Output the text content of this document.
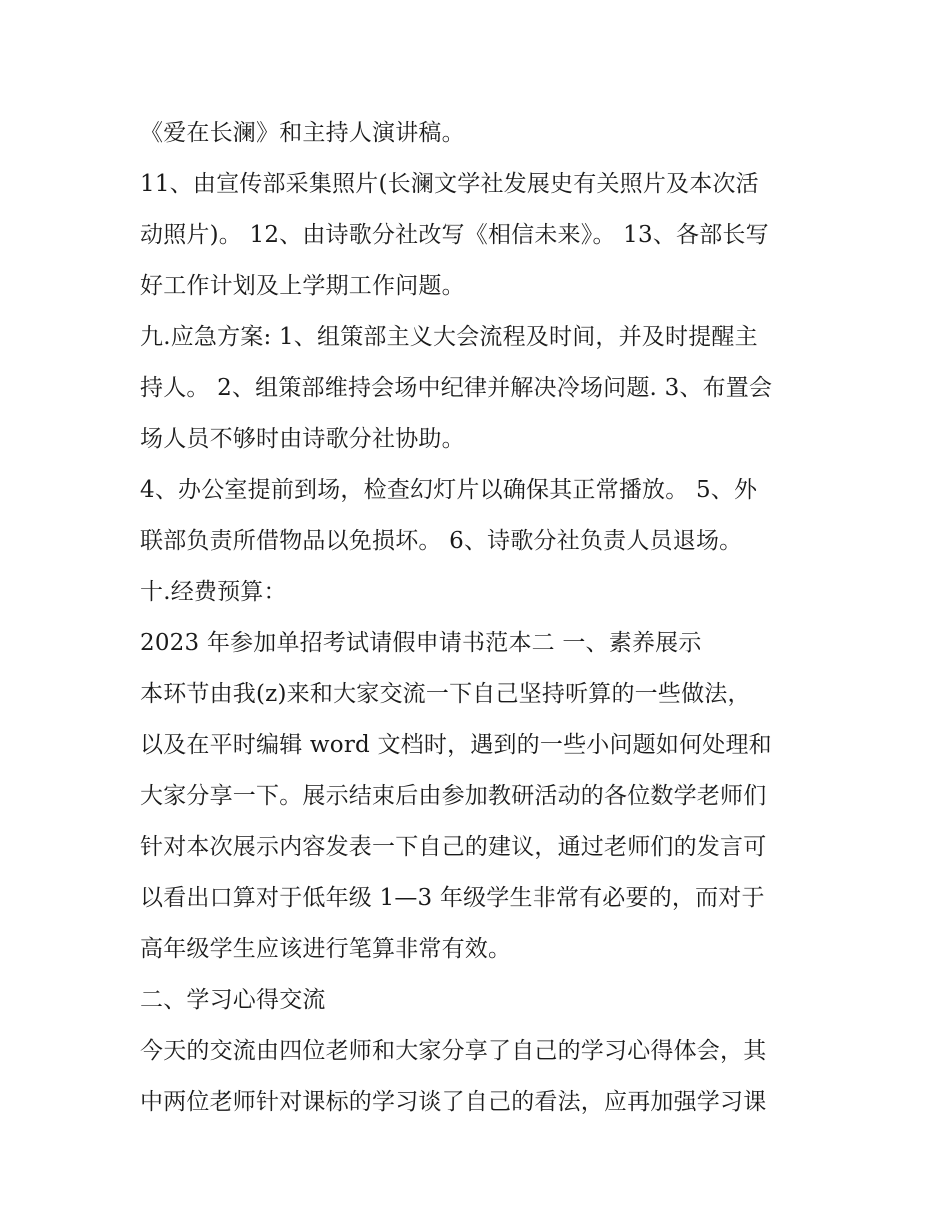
《爱在长澜》和主持人演讲稿。
11、由宣传部采集照片(长澜文学社发展史有关照片及本次活
动照片)。 12、由诗歌分社改写《相信未来》。 13、各部长写
好工作计划及上学期工作问题。
九.应急方案: 1、组策部主义大会流程及时间，并及时提醒主
持人。 2、组策部维持会场中纪律并解决冷场问题. 3、布置会
场人员不够时由诗歌分社协助。
4、办公室提前到场，检查幻灯片以确保其正常播放。 5、外
联部负责所借物品以免损坏。 6、诗歌分社负责人员退场。
十.经费预算：
2023 年参加单招考试请假申请书范本二 一、素养展示
本环节由我(z)来和大家交流一下自己坚持听算的一些做法，
以及在平时编辑 word 文档时，遇到的一些小问题如何处理和
大家分享一下。展示结束后由参加教研活动的各位数学老师们
针对本次展示内容发表一下自己的建议，通过老师们的发言可
以看出口算对于低年级 1—3 年级学生非常有必要的，而对于
高年级学生应该进行笔算非常有效。
二、学习心得交流
今天的交流由四位老师和大家分享了自己的学习心得体会，其
中两位老师针对课标的学习谈了自己的看法，应再加强学习课
